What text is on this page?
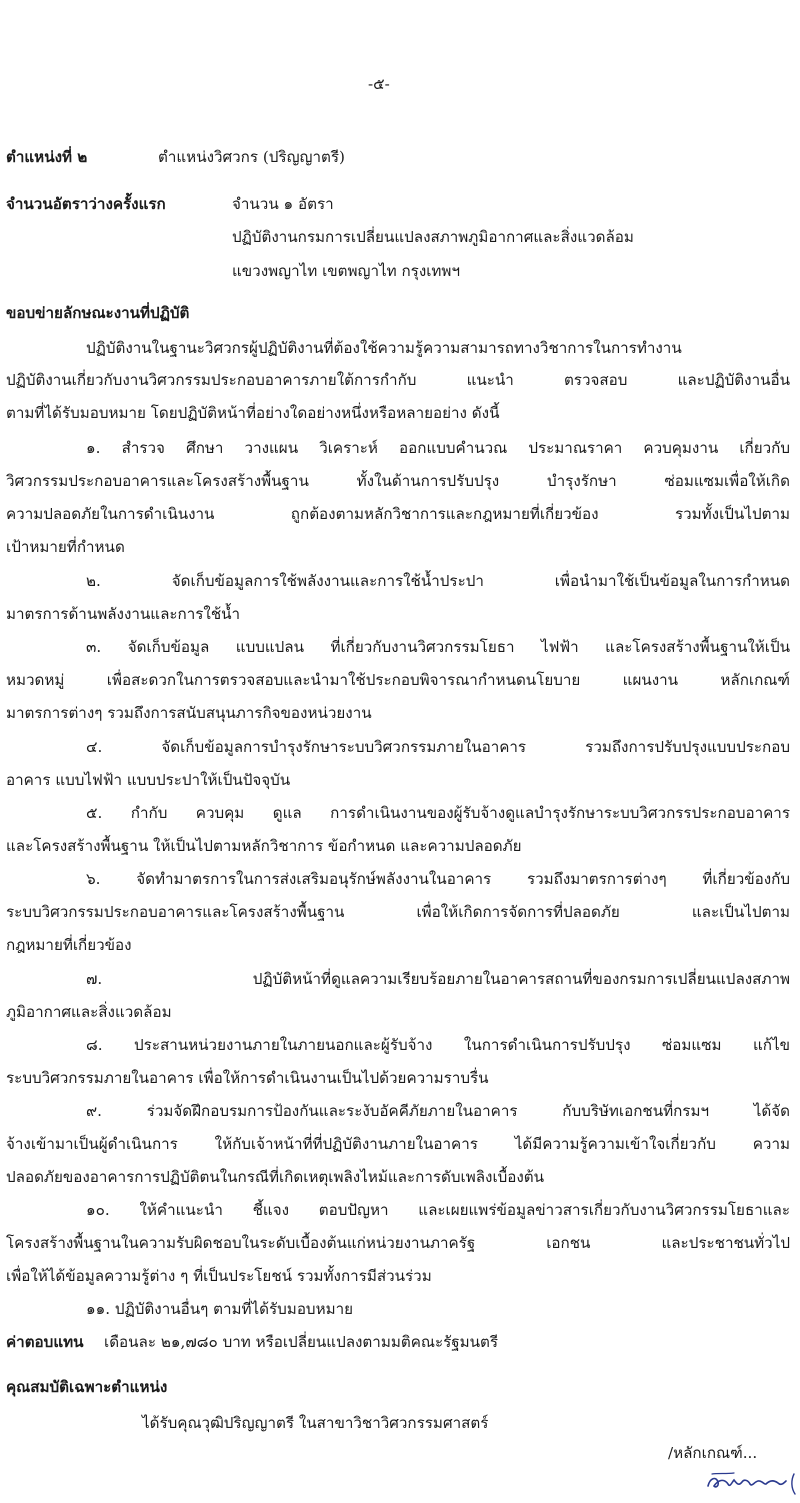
-๕-
ตำแหน่งที่ ๒	ตำแหน่งวิศวกร (ปริญญาตรี)
จำนวนอัตราว่างครั้งแรก	จำนวน ๑ อัตรา
ปฏิบัติงานกรมการเปลี่ยนแปลงสภาพภูมิอากาศและสิ่งแวดล้อม
แขวงพญาไท เขตพญาไท กรุงเทพฯ
ขอบข่ายลักษณะงานที่ปฏิบัติ
ปฏิบัติงานในฐานะวิศวกรผู้ปฏิบัติงานที่ต้องใช้ความรู้ความสามารถทางวิชาการในการทำงาน
ปฏิบัติงานเกี่ยวกับงานวิศวกรรมประกอบอาคารภายใต้การกำกับ แนะนำ ตรวจสอบ และปฏิบัติงานอื่น
ตามที่ได้รับมอบหมาย โดยปฏิบัติหน้าที่อย่างใดอย่างหนึ่งหรือหลายอย่าง ดังนี้
๑. สำรวจ ศึกษา วางแผน วิเคราะห์ ออกแบบคำนวณ ประมาณราคา ควบคุมงาน เกี่ยวกับ
วิศวกรรมประกอบอาคารและโครงสร้างพื้นฐาน ทั้งในด้านการปรับปรุง บำรุงรักษา ซ่อมแซมเพื่อให้เกิด
ความปลอดภัยในการดำเนินงาน ถูกต้องตามหลักวิชาการและกฎหมายที่เกี่ยวข้อง รวมทั้งเป็นไปตาม
เป้าหมายที่กำหนด
๒. จัดเก็บข้อมูลการใช้พลังงานและการใช้น้ำประปา เพื่อนำมาใช้เป็นข้อมูลในการกำหนด
มาตรการด้านพลังงานและการใช้น้ำ
๓. จัดเก็บข้อมูล แบบแปลน ที่เกี่ยวกับงานวิศวกรรมโยธา ไฟฟ้า และโครงสร้างพื้นฐานให้เป็น
หมวดหมู่ เพื่อสะดวกในการตรวจสอบและนำมาใช้ประกอบพิจารณากำหนดนโยบาย แผนงาน หลักเกณฑ์
มาตรการต่างๆ รวมถึงการสนับสนุนภารกิจของหน่วยงาน
๔. จัดเก็บข้อมูลการบำรุงรักษาระบบวิศวกรรมภายในอาคาร รวมถึงการปรับปรุงแบบประกอบ
อาคาร แบบไฟฟ้า แบบประปาให้เป็นปัจจุบัน
๕. กำกับ ควบคุม ดูแล การดำเนินงานของผู้รับจ้างดูแลบำรุงรักษาระบบวิศวกรรประกอบอาคาร
และโครงสร้างพื้นฐาน ให้เป็นไปตามหลักวิชาการ ข้อกำหนด และความปลอดภัย
๖. จัดทำมาตรการในการส่งเสริมอนุรักษ์พลังงานในอาคาร รวมถึงมาตรการต่างๆ ที่เกี่ยวข้องกับ
ระบบวิศวกรรมประกอบอาคารและโครงสร้างพื้นฐาน เพื่อให้เกิดการจัดการที่ปลอดภัย และเป็นไปตาม
กฎหมายที่เกี่ยวข้อง
๗. ปฏิบัติหน้าที่ดูแลความเรียบร้อยภายในอาคารสถานที่ของกรมการเปลี่ยนแปลงสภาพ
ภูมิอากาศและสิ่งแวดล้อม
๘. ประสานหน่วยงานภายในภายนอกและผู้รับจ้าง ในการดำเนินการปรับปรุง ซ่อมแซม แก้ไข
ระบบวิศวกรรมภายในอาคาร เพื่อให้การดำเนินงานเป็นไปด้วยความราบรื่น
๙. ร่วมจัดฝึกอบรมการป้องกันและระงับอัคคีภัยภายในอาคาร กับบริษัทเอกชนที่กรมฯ ได้จัด
จ้างเข้ามาเป็นผู้ดำเนินการ ให้กับเจ้าหน้าที่ที่ปฏิบัติงานภายในอาคาร ได้มีความรู้ความเข้าใจเกี่ยวกับ ความ
ปลอดภัยของอาคารการปฏิบัติตนในกรณีที่เกิดเหตุเพลิงไหม้และการดับเพลิงเบื้องต้น
๑๐. ให้คำแนะนำ ชี้แจง ตอบปัญหา และเผยแพร่ข้อมูลข่าวสารเกี่ยวกับงานวิศวกรรมโยธาและ
โครงสร้างพื้นฐานในความรับผิดชอบในระดับเบื้องต้นแก่หน่วยงานภาครัฐ เอกชน และประชาชนทั่วไป
เพื่อให้ได้ข้อมูลความรู้ต่าง ๆ ที่เป็นประโยชน์ รวมทั้งการมีส่วนร่วม
๑๑. ปฏิบัติงานอื่นๆ ตามที่ได้รับมอบหมาย
ค่าตอบแทน เดือนละ ๒๑,๗๘๐ บาท หรือเปลี่ยนแปลงตามมติคณะรัฐมนตรี
คุณสมบัติเฉพาะตำแหน่ง
ได้รับคุณวุฒิปริญญาตรี ในสาขาวิชาวิศวกรรมศาสตร์
/หลักเกณฑ์...
